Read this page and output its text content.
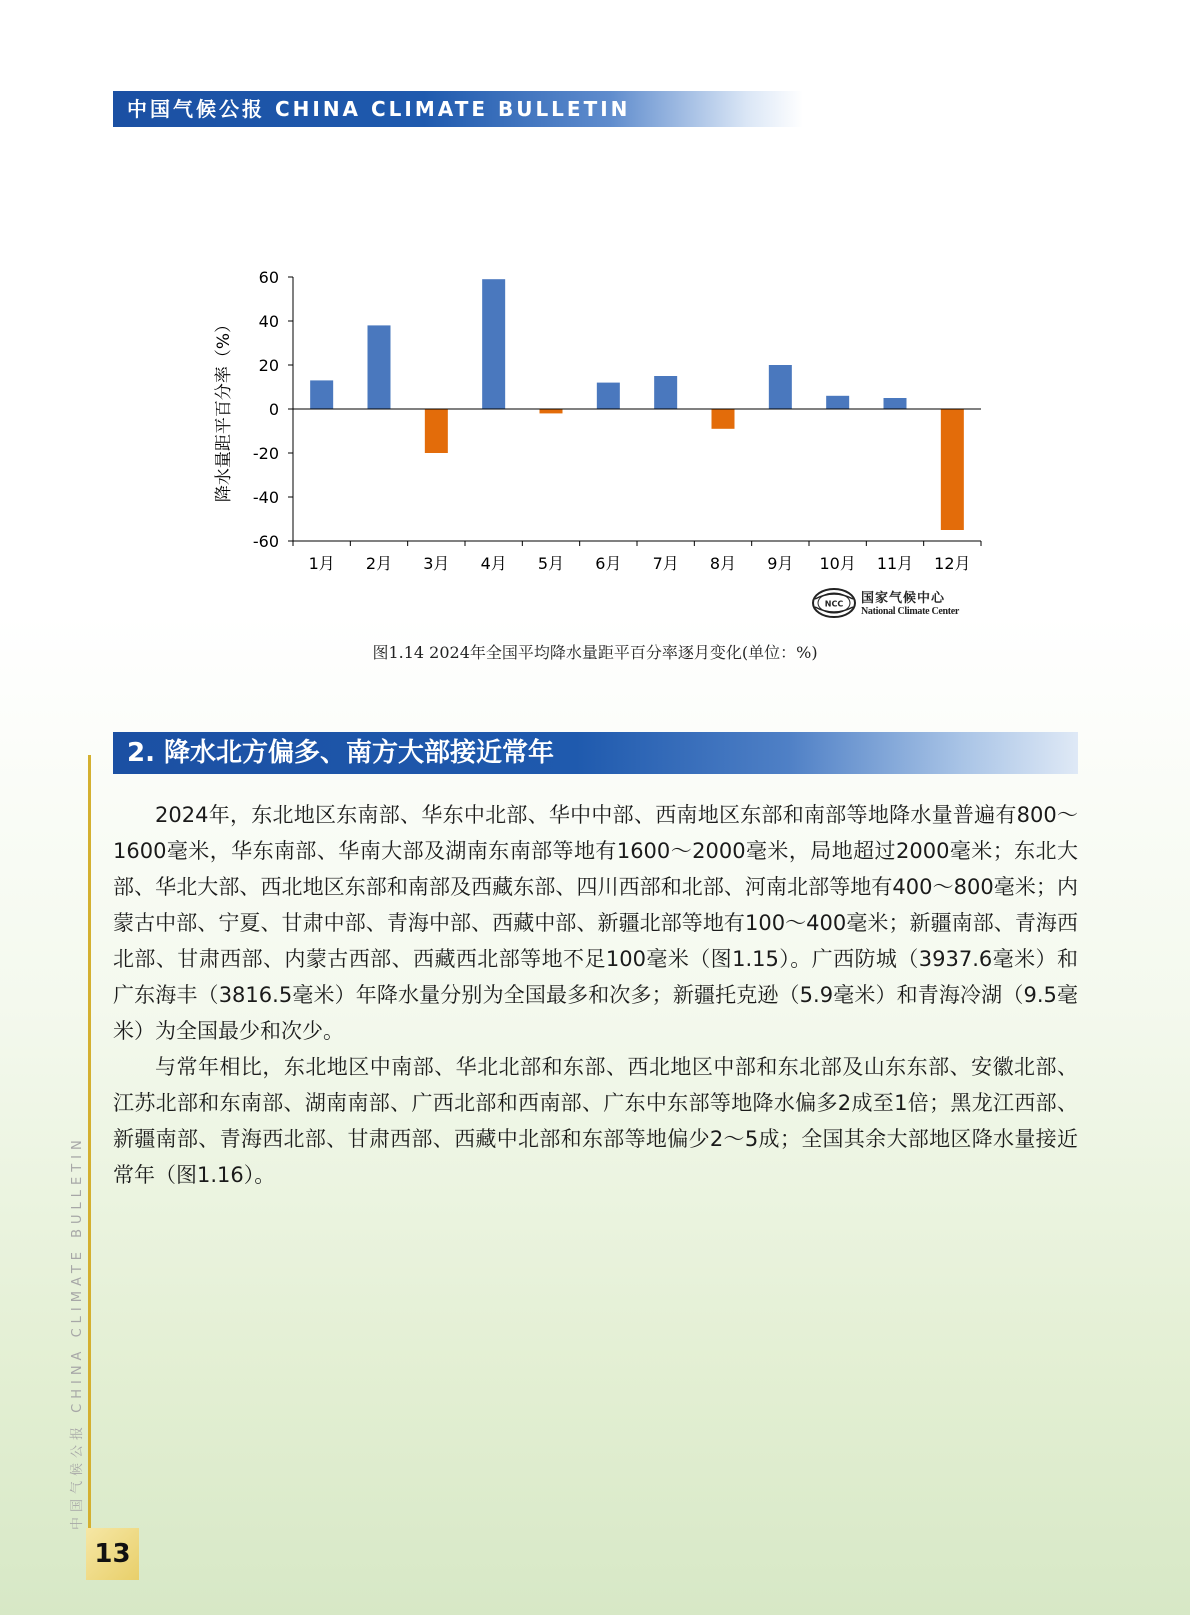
中国气候公报 CHINA CLIMATE BULLETIN
60
40
20
0
-20
-40
-60
1月 2月 3月 4月 5月 6月 7月 8月 9月 10月 11月 12月
降水量距平百分率（%）
NCC 国家气候中心
National Climate Center
图1.14 2024年全国平均降水量距平百分率逐月变化(单位：%)
2. 降水北方偏多、南方大部接近常年

2024年，东北地区东南部、华东中北部、华中中部、西南地区东部和南部等地降水量普遍有800～1600毫米，华东南部、华南大部及湖南东南部等地有1600～2000毫米，局地超过2000毫米；东北大部、华北大部、西北地区东部和南部及西藏东部、四川西部和北部、河南北部等地有400～800毫米；内蒙古中部、宁夏、甘肃中部、青海中部、西藏中部、新疆北部等地有100～400毫米；新疆南部、青海西北部、甘肃西部、内蒙古西部、西藏西北部等地不足100毫米（图1.15）。广西防城（3937.6毫米）和广东海丰（3816.5毫米）年降水量分别为全国最多和次多；新疆托克逊（5.9毫米）和青海冷湖（9.5毫米）为全国最少和次少。

与常年相比，东北地区中南部、华北北部和东部、西北地区中部和东北部及山东东部、安徽北部、江苏北部和东南部、湖南南部、广西北部和西南部、广东中东部等地降水偏多2成至1倍；黑龙江西部、新疆南部、青海西北部、甘肃西部、西藏中北部和东部等地偏少2～5成；全国其余大部地区降水量接近常年（图1.16）。

中国气候公报 CHINA CLIMATE BULLETIN
13
